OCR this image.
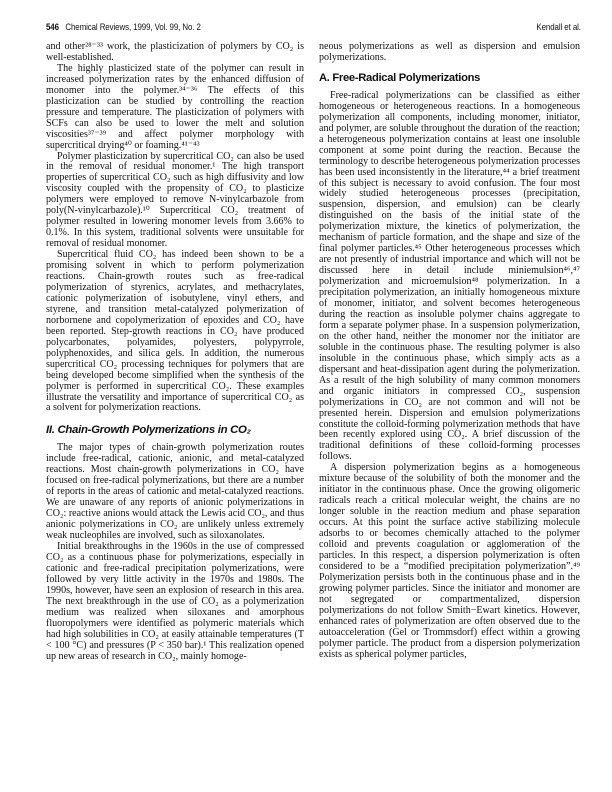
546 Chemical Reviews, 1999, Vol. 99, No. 2	Kendall et al.

and other²⁸⁻³³ work, the plasticization of polymers by CO₂ is well-established.

The highly plasticized state of the polymer can result in increased polymerization rates by the enhanced diffusion of monomer into the polymer.³⁴⁻³⁶ The effects of this plasticization can be studied by controlling the reaction pressure and temperature. The plasticization of polymers with SCFs can also be used to lower the melt and solution viscosities³⁷⁻³⁹ and affect polymer morphology with supercritical drying⁴⁰ or foaming.⁴¹⁻⁴³

Polymer plasticization by supercritical CO₂ can also be used in the removal of residual monomer.¹ The high transport properties of supercritical CO₂ such as high diffusivity and low viscosity coupled with the propensity of CO₂ to plasticize polymers were employed to remove N-vinylcarbazole from poly(N-vinylcarbazole).¹⁰ Supercritical CO₂ treatment of polymer resulted in lowering monomer levels from 3.66% to 0.1%. In this system, traditional solvents were unsuitable for removal of residual monomer.

Supercritical fluid CO₂ has indeed been shown to be a promising solvent in which to perform polymerization reactions. Chain-growth routes such as free-radical polymerization of styrenics, acrylates, and methacrylates, cationic polymerization of isobutylene, vinyl ethers, and styrene, and transition metal-catalyzed polymerization of norbornene and copolymerization of epoxides and CO₂ have been reported. Step-growth reactions in CO₂ have produced polycarbonates, polyamides, polyesters, polypyrrole, polyphenoxides, and silica gels. In addition, the numerous supercritical CO₂ processing techniques for polymers that are being developed become simplified when the synthesis of the polymer is performed in supercritical CO₂. These examples illustrate the versatility and importance of supercritical CO₂ as a solvent for polymerization reactions.

II. Chain-Growth Polymerizations in CO₂

The major types of chain-growth polymerization routes include free-radical, cationic, anionic, and metal-catalyzed reactions. Most chain-growth polymerizations in CO₂ have focused on free-radical polymerizations, but there are a number of reports in the areas of cationic and metal-catalyzed reactions. We are unaware of any reports of anionic polymerizations in CO₂: reactive anions would attack the Lewis acid CO₂, and thus anionic polymerizations in CO₂ are unlikely unless extremely weak nucleophiles are involved, such as siloxanolates.

Initial breakthroughs in the 1960s in the use of compressed CO₂ as a continuous phase for polymerizations, especially in cationic and free-radical precipitation polymerizations, were followed by very little activity in the 1970s and 1980s. The 1990s, however, have seen an explosion of research in this area. The next breakthrough in the use of CO₂ as a polymerization medium was realized when siloxanes and amorphous fluoropolymers were identified as polymeric materials which had high solubilities in CO₂ at easily attainable temperatures (T < 100 °C) and pressures (P < 350 bar).¹ This realization opened up new areas of research in CO₂, mainly homoge-

neous polymerizations as well as dispersion and emulsion polymerizations.

A. Free-Radical Polymerizations

Free-radical polymerizations can be classified as either homogeneous or heterogeneous reactions. In a homogeneous polymerization all components, including monomer, initiator, and polymer, are soluble throughout the duration of the reaction; a heterogeneous polymerization contains at least one insoluble component at some point during the reaction. Because the terminology to describe heterogeneous polymerization processes has been used inconsistently in the literature,⁴⁴ a brief treatment of this subject is necessary to avoid confusion. The four most widely studied heterogeneous processes (precipitation, suspension, dispersion, and emulsion) can be clearly distinguished on the basis of the initial state of the polymerization mixture, the kinetics of polymerization, the mechanism of particle formation, and the shape and size of the final polymer particles.⁴⁵ Other heterogeneous processes which are not presently of industrial importance and which will not be discussed here in detail include miniemulsion⁴⁶,⁴⁷ polymerization and microemulsion⁴⁸ polymerization. In a precipitation polymerization, an initially homogeneous mixture of monomer, initiator, and solvent becomes heterogeneous during the reaction as insoluble polymer chains aggregate to form a separate polymer phase. In a suspension polymerization, on the other hand, neither the monomer nor the initiator are soluble in the continuous phase. The resulting polymer is also insoluble in the continuous phase, which simply acts as a dispersant and heat-dissipation agent during the polymerization. As a result of the high solubility of many common monomers and organic initiators in compressed CO₂, suspension polymerizations in CO₂ are not common and will not be presented herein. Dispersion and emulsion polymerizations constitute the colloid-forming polymerization methods that have been recently explored using CO₂. A brief discussion of the traditional definitions of these colloid-forming processes follows.

A dispersion polymerization begins as a homogeneous mixture because of the solubility of both the monomer and the initiator in the continuous phase. Once the growing oligomeric radicals reach a critical molecular weight, the chains are no longer soluble in the reaction medium and phase separation occurs. At this point the surface active stabilizing molecule adsorbs to or becomes chemically attached to the polymer colloid and prevents coagulation or agglomeration of the particles. In this respect, a dispersion polymerization is often considered to be a “modified precipitation polymerization”.⁴⁹ Polymerization persists both in the continuous phase and in the growing polymer particles. Since the initiator and monomer are not segregated or compartmentalized, dispersion polymerizations do not follow Smith−Ewart kinetics. However, enhanced rates of polymerization are often observed due to the autoacceleration (Gel or Trommsdorf) effect within a growing polymer particle. The product from a dispersion polymerization exists as spherical polymer particles,
